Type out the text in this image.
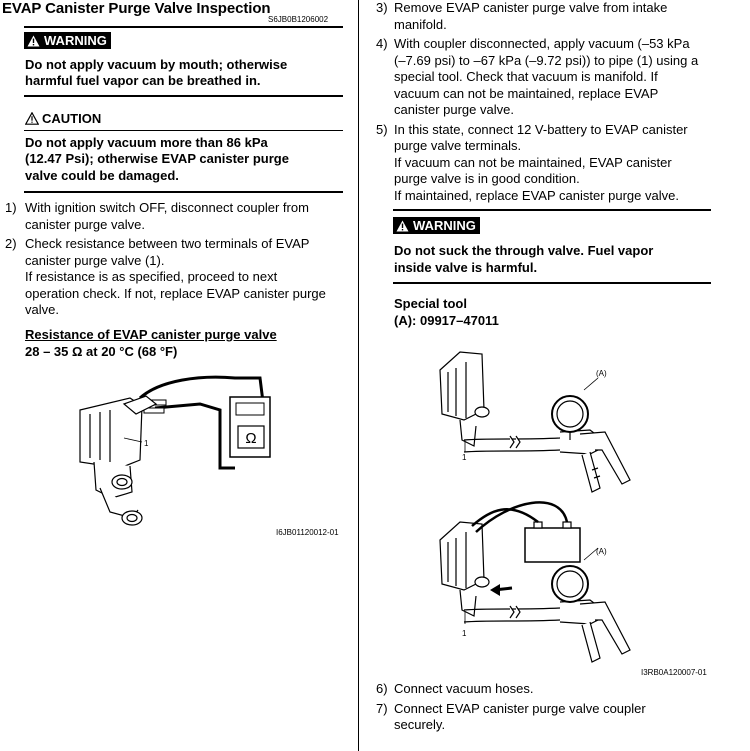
EVAP Canister Purge Valve Inspection
S6JB0B1206002
WARNING
Do not apply vacuum by mouth; otherwise
harmful fuel vapor can be breathed in.
CAUTION
Do not apply vacuum more than 86 kPa
(12.47 Psi); otherwise EVAP canister purge
valve could be damaged.
1) With ignition switch OFF, disconnect coupler from
canister purge valve.
2) Check resistance between two terminals of EVAP
canister purge valve (1).
If resistance is as specified, proceed to next
operation check. If not, replace EVAP canister purge
valve.
Resistance of EVAP canister purge valve
28 – 35 Ω at 20 °C (68 °F)
Ω
1
I6JB01120012-01
3) Remove EVAP canister purge valve from intake
manifold.
4) With coupler disconnected, apply vacuum (–53 kPa
(–7.69 psi) to –67 kPa (–9.72 psi)) to pipe (1) using a
special tool. Check that vacuum is manifold. If
vacuum can not be maintained, replace EVAP
canister purge valve.
5) In this state, connect 12 V-battery to EVAP canister
purge valve terminals.
If vacuum can not be maintained, EVAP canister
purge valve is in good condition.
If maintained, replace EVAP canister purge valve.
WARNING
Do not suck the through valve. Fuel vapor
inside valve is harmful.
Special tool
(A): 09917–47011
(A)
1
(A)
1
I3RB0A120007-01
6) Connect vacuum hoses.
7) Connect EVAP canister purge valve coupler
securely.
